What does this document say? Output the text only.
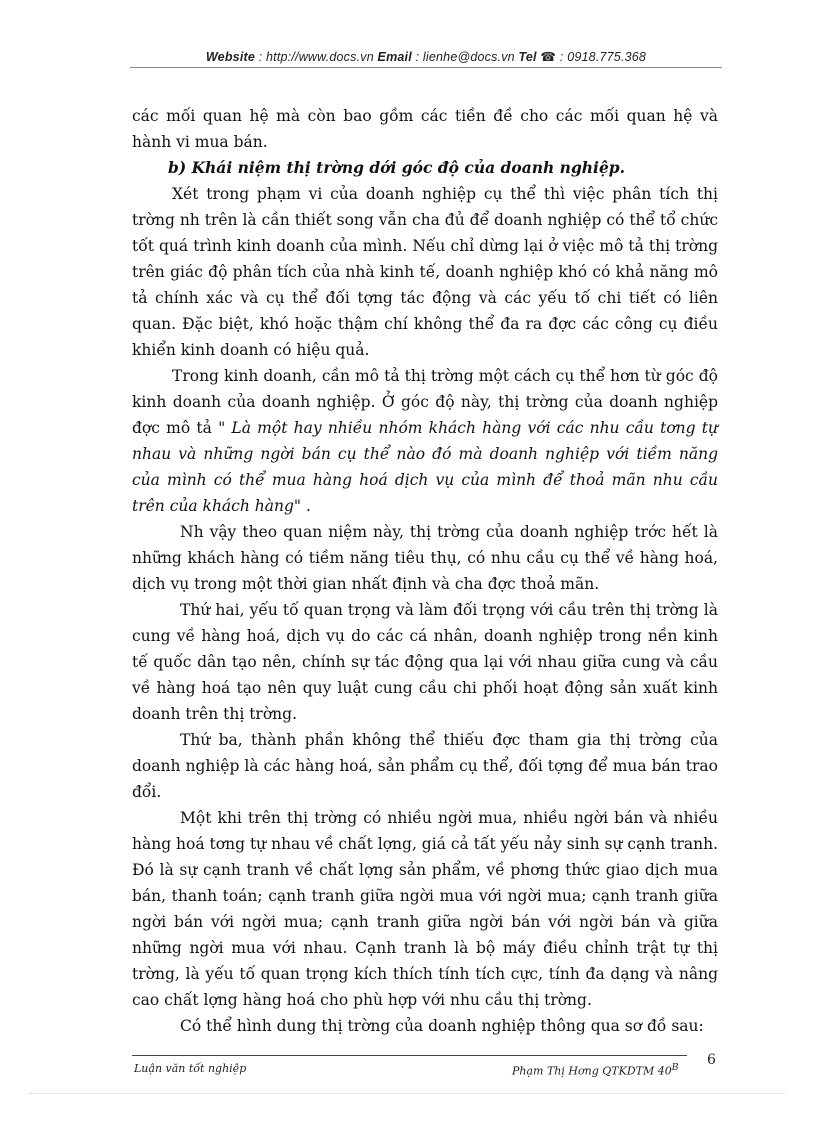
Website : http://www.docs.vn Email : lienhe@docs.vn Tel ☎ : 0918.775.368

các mối quan hệ mà còn bao gồm các tiền đề cho các mối quan hệ và hành vi mua bán.

b) Khái niệm thị trờng dới góc độ của doanh nghiệp.

Xét trong phạm vi của doanh nghiệp cụ thể thì việc phân tích thị trờng nh trên là cần thiết song vẫn cha đủ để doanh nghiệp có thể tổ chức tốt quá trình kinh doanh của mình. Nếu chỉ dừng lại ở việc mô tả thị trờng trên giác độ phân tích của nhà kinh tế, doanh nghiệp khó có khả năng mô tả chính xác và cụ thể đối tợng tác động và các yếu tố chi tiết có liên quan. Đặc biệt, khó hoặc thậm chí không thể đa ra đợc các công cụ điều khiển kinh doanh có hiệu quả.

Trong kinh doanh, cần mô tả thị trờng một cách cụ thể hơn từ góc độ kinh doanh của doanh nghiệp. Ở góc độ này, thị trờng của doanh nghiệp đợc mô tả " Là một hay nhiều nhóm khách hàng với các nhu cầu tơng tự nhau và những ngời bán cụ thể nào đó mà doanh nghiệp với tiềm năng của mình có thể mua hàng hoá dịch vụ của mình để thoả mãn nhu cầu trên của khách hàng" .

Nh vậy theo quan niệm này, thị trờng của doanh nghiệp trớc hết là những khách hàng có tiềm năng tiêu thụ, có nhu cầu cụ thể về hàng hoá, dịch vụ trong một thời gian nhất định và cha đợc thoả mãn.

Thứ hai, yếu tố quan trọng và làm đối trọng với cầu trên thị trờng là cung về hàng hoá, dịch vụ do các cá nhân, doanh nghiệp trong nền kinh tế quốc dân tạo nên, chính sự tác động qua lại với nhau giữa cung và cầu về hàng hoá tạo nên quy luật cung cầu chi phối hoạt động sản xuất kinh doanh trên thị trờng.

Thứ ba, thành phần không thể thiếu đợc tham gia thị trờng của doanh nghiệp là các hàng hoá, sản phẩm cụ thể, đối tợng để mua bán trao đổi.

Một khi trên thị trờng có nhiều ngời mua, nhiều ngời bán và nhiều hàng hoá tơng tự nhau về chất lợng, giá cả tất yếu nảy sinh sự cạnh tranh. Đó là sự cạnh tranh về chất lợng sản phẩm, về phơng thức giao dịch mua bán, thanh toán; cạnh tranh giữa ngời mua với ngời mua; cạnh tranh giữa ngời bán với ngời mua; cạnh tranh giữa ngời bán với ngời bán và giữa những ngời mua với nhau. Cạnh tranh là bộ máy điều chỉnh trật tự thị trờng, là yếu tố quan trọng kích thích tính tích cực, tính đa dạng và nâng cao chất lợng hàng hoá cho phù hợp với nhu cầu thị trờng.

Có thể hình dung thị trờng của doanh nghiệp thông qua sơ đồ sau:

Luận văn tốt nghiệp	Phạm Thị Hơng QTKDTM $40^B$ 6
